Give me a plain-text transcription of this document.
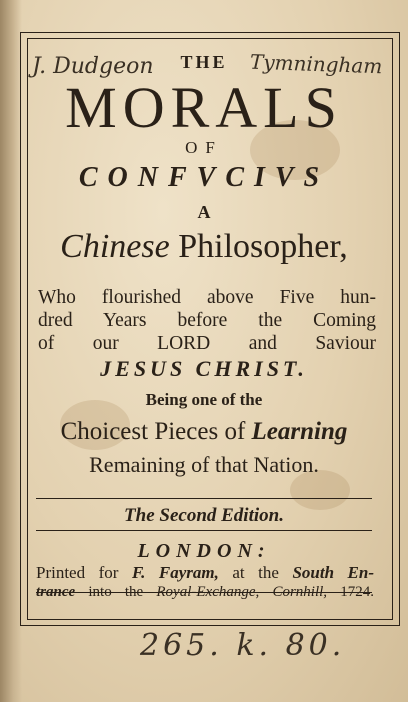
J. Dudgeon	Tymningham
THE
MORALS
OF
CONFVCIVS
A
Chinese Philosopher,
Who flourished above Five hun-
dred Years before the Coming
of our LORD and Saviour
JESUS CHRIST.
Being one of the
Choicest Pieces of Learning
Remaining of that Nation.
The Second Edition.
LONDON:
Printed for F. Fayram, at the South En-
trance into the Royal-Exchange, Cornhill, 1724.
265. k. 80.
